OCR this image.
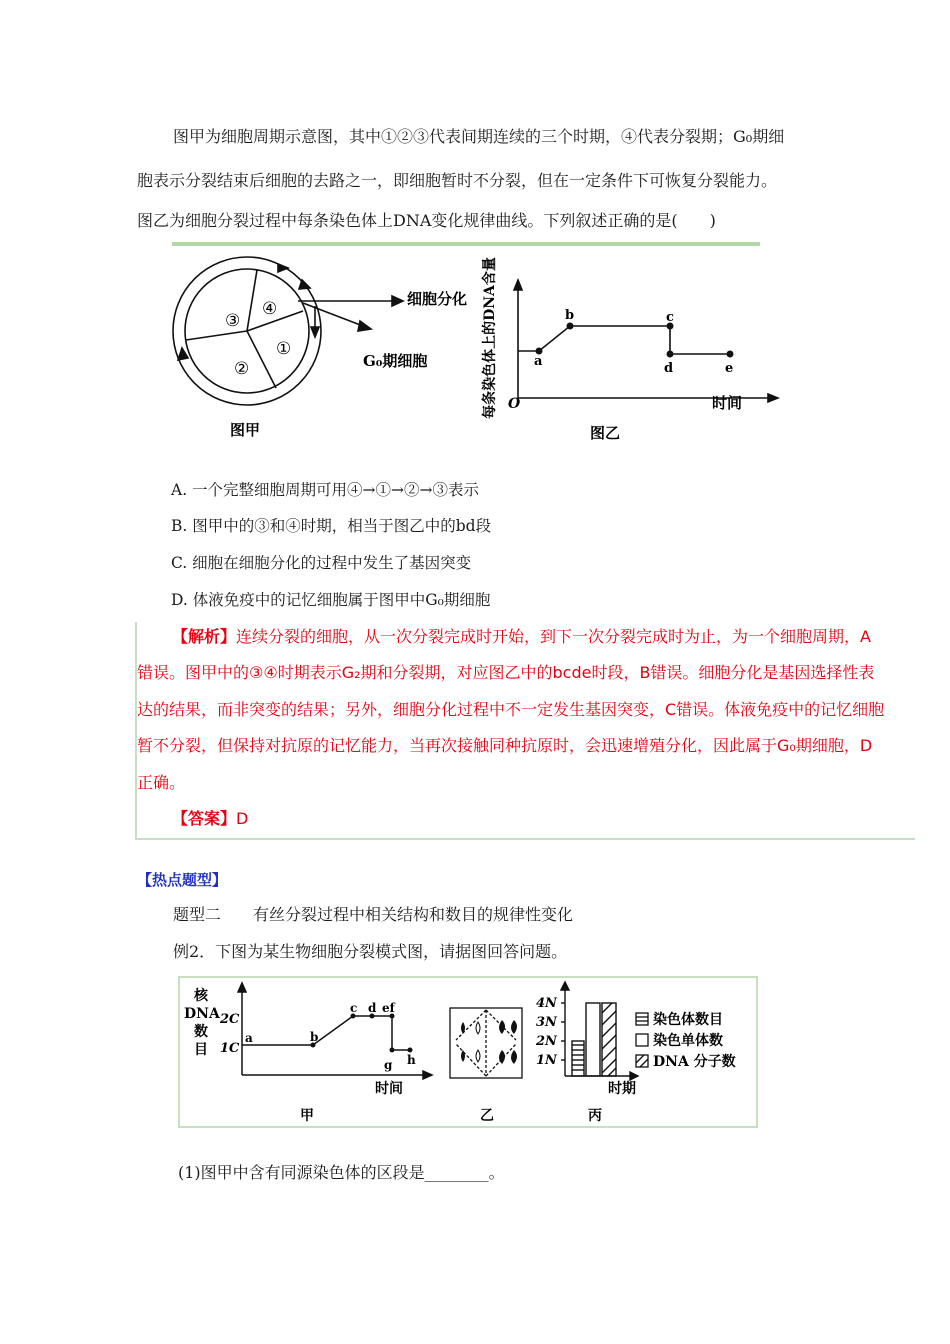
图甲为细胞周期示意图，其中①②③代表间期连续的三个时期，④代表分裂期；G₀期细
胞表示分裂结束后细胞的去路之一，即细胞暂时不分裂，但在一定条件下可恢复分裂能力。
图乙为细胞分裂过程中每条染色体上DNA变化规律曲线。下列叙述正确的是(　　)
③
④
①
②
细胞分化
G₀期细胞
图甲
每条染色体上的DNA含量	a
b	c
d	e
O	时间
图乙
A. 一个完整细胞周期可用④→①→②→③表示
B. 图甲中的③和④时期，相当于图乙中的bd段
C. 细胞在细胞分化的过程中发生了基因突变
D. 体液免疫中的记忆细胞属于图甲中G₀期细胞
【解析】连续分裂的细胞，从一次分裂完成时开始，到下一次分裂完成时为止，为一个细胞周期，A
错误。图甲中的③④时期表示G₂期和分裂期，对应图乙中的bcde时段，B错误。细胞分化是基因选择性表
达的结果，而非突变的结果；另外，细胞分化过程中不一定发生基因突变，C错误。体液免疫中的记忆细胞
暂不分裂，但保持对抗原的记忆能力，当再次接触同种抗原时，会迅速增殖分化，因此属于G₀期细胞，D
正确。
【答案】D
【热点题型】
题型二　　有丝分裂过程中相关结构和数目的规律性变化
例2．下图为某生物细胞分裂模式图，请据图回答问题。
核
DNA
数
目
2C
1C
a	b
c d ef
g h
时间
甲	乙
4N
3N
2N
1N
时期
染色体数目
染色单体数
DNA 分子数
丙
(1)图甲中含有同源染色体的区段是________。
